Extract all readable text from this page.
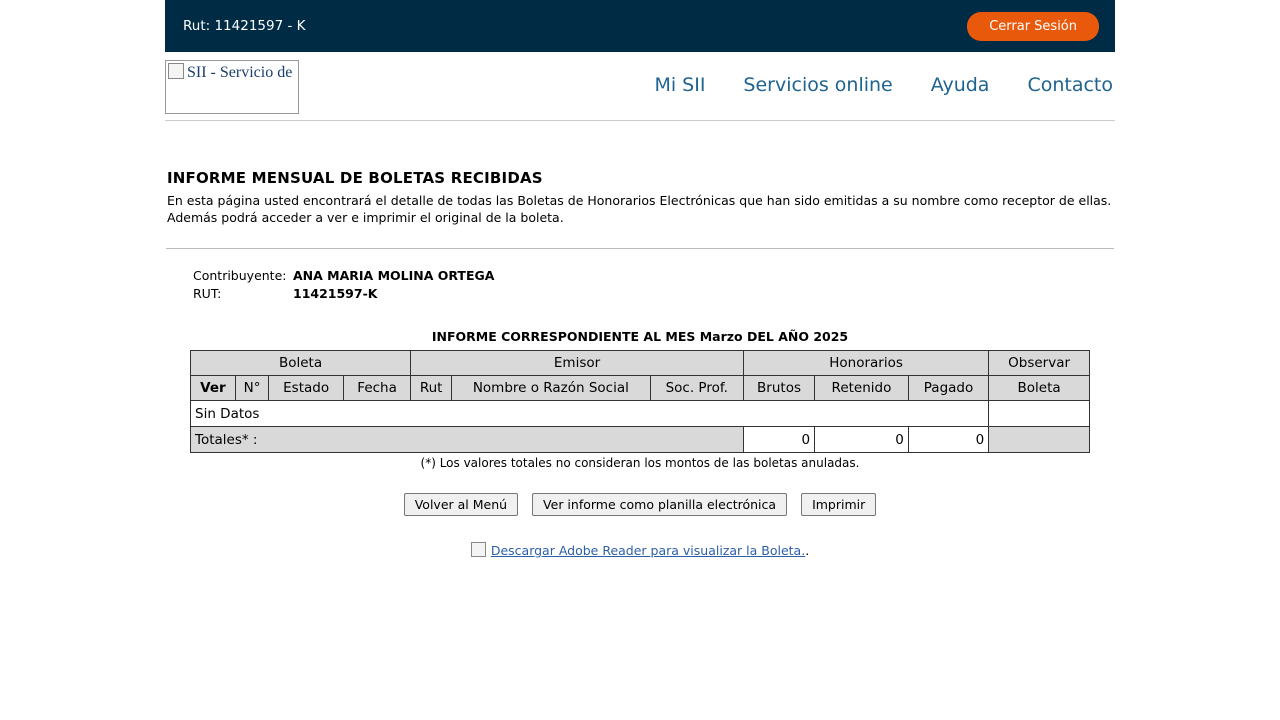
Rut: 11421597 - K	Cerrar Sesión
SII - Servicio de
Mi SII Servicios online Ayuda Contacto
INFORME MENSUAL DE BOLETAS RECIBIDAS

En esta página usted encontrará el detalle de todas las Boletas de Honorarios Electrónicas que han sido emitidas a su nombre como receptor de ellas. Además podrá acceder a ver e imprimir el original de la boleta.

Contribuyente: ANA MARIA MOLINA ORTEGA
RUT:	11421597-K
INFORME CORRESPONDIENTE AL MES Marzo DEL AÑO 2025
Boleta				Emisor			Honorarios			Observar
Ver	N°	Estado	Fecha	Rut	Nombre o Razón Social	Soc. Prof.	Brutos	Retenido	Pagado	Boleta
Sin Datos										
Totales* :							0	0	0	
(*) Los valores totales no consideran los montos de las boletas anuladas.
Volver al Menú	Ver informe como planilla electrónica	Imprimir
Descargar Adobe Reader para visualizar la Boleta..
